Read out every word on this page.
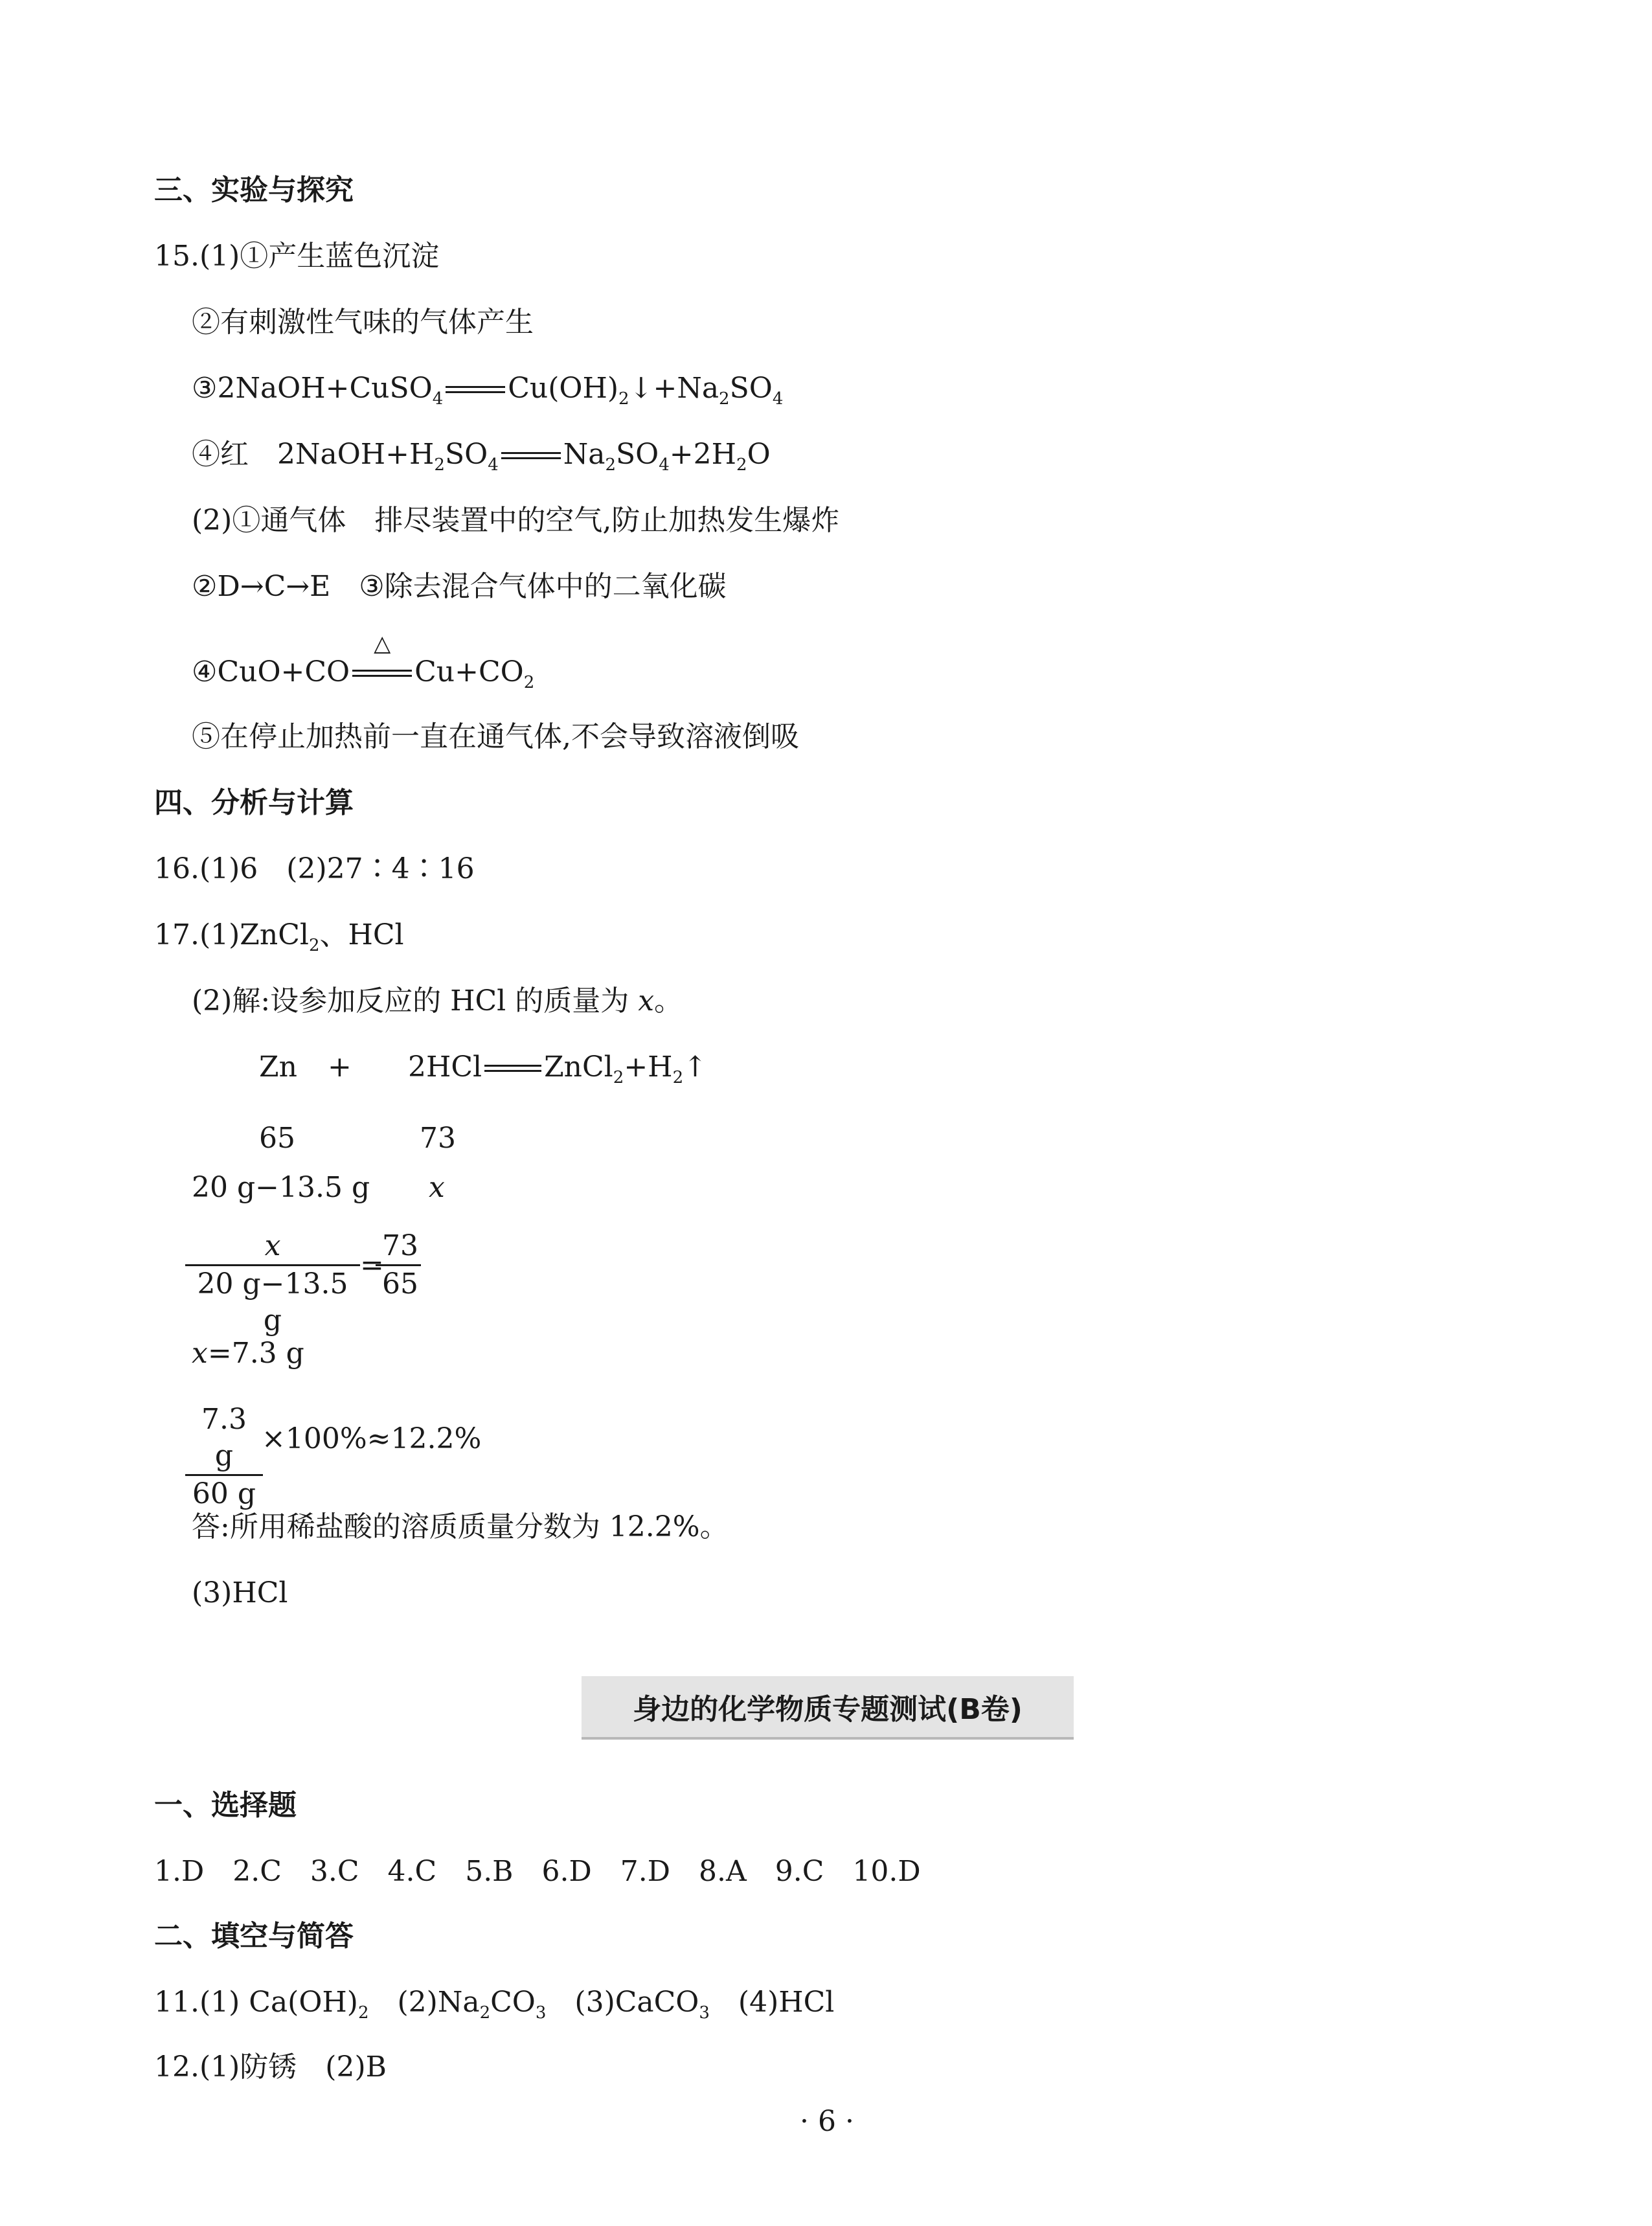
三、实验与探究
15.(1)①产生蓝色沉淀
②有刺激性气味的气体产生
③2NaOH+CuSO$_4$ $Cu(OH)_2↓+Na_2SO_4$
④红　$2NaOH+H_2SO_4$ $Na_2SO_4+2H_2O$
(2)①通气体　排尽装置中的空气,防止加热发生爆炸
②D→C→E　③除去混合气体中的二氧化碳
④CuO+CO
△
$Cu+CO_2$
⑤在停止加热前一直在通气体,不会导致溶液倒吸
四、分析与计算
16.(1)6　(2)27∶4∶16
17.(1)ZnCl$_2$、HCl
(2)解:设参加反应的 HCl 的质量为 x。
Zn + 2HCl $ZnCl_2+H_2↑$
65	73
20 g−13.5 g x
$\frac{x}{20 g-13.5 g}$ =
$\frac{73}{65}$
x=7.3 g
$\frac{7.3 g}{60 g}$
×100%≈12.2%
答:所用稀盐酸的溶质质量分数为 12.2%。
(3)HCl
身边的化学物质专题测试(B卷)
一、选择题
1.D　2.C　3.C　4.C　5.B　6.D　7.D　8.A　9.C　10.D
二、填空与简答
11.(1) $Ca(OH)_2$　$(2)Na_2CO_3$　(3)CaCO$_3$　(4)HCl
12.(1)防锈　(2)B
· 6 ·
